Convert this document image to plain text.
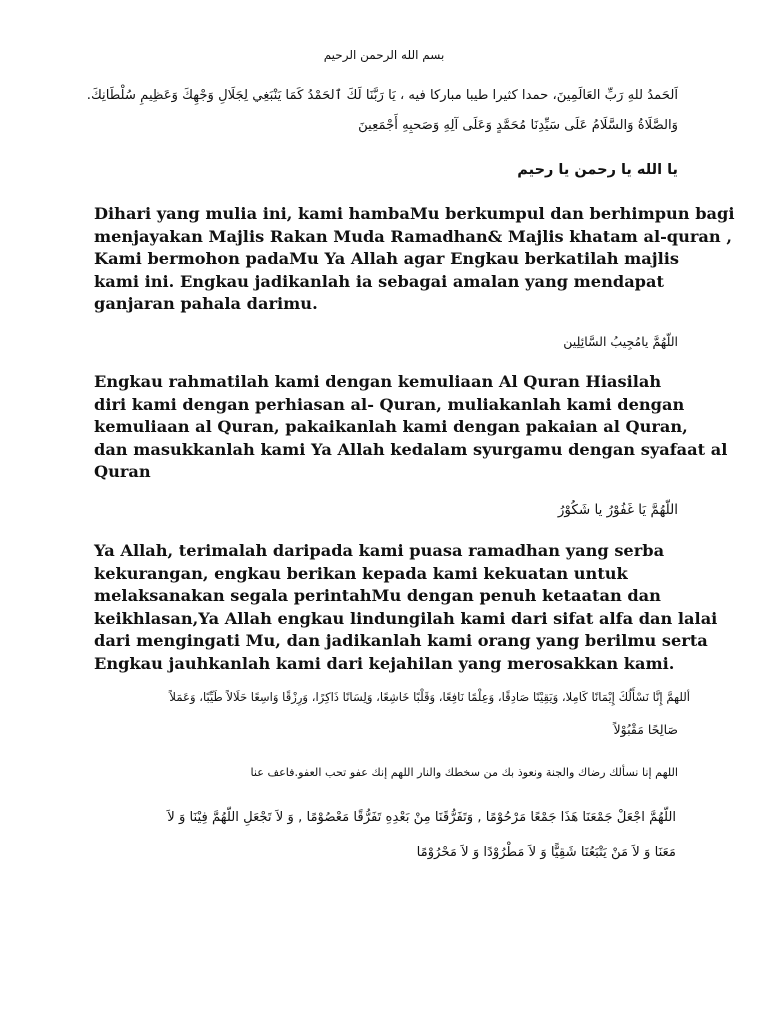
بسم الله الرحمن الرحيم
اَلحَمدُ للهِ رَبِّ العَالَمِينَ، حمدا كثيرا طيبا مباركا فيه ، يَا رَبَّنَا لَكَ ٱلحَمْدُ كَمَا يَنْبَغِي لِجَلَالِ وَجْهِكَ وَعَظِيمِ سُلْطَانِكَ.
وَالصَّلَاةُ وَالسَّلَامُ عَلَى سَيِّدِنَا مُحَمَّدٍ وَعَلَى آلِهِ وَصَحبِهِ أَجْمَعِينَ
يا الله يا رحمن يا رحيم
Dihari yang mulia ini, kami hambaMu berkumpul dan berhimpun bagi
menjayakan Majlis Rakan Muda Ramadhan& Majlis khatam al-quran ,
Kami bermohon padaMu Ya Allah agar Engkau berkatilah majlis
kami ini. Engkau jadikanlah ia sebagai amalan yang mendapat
ganjaran pahala darimu.
اللّهُمَّ يامُجِيبُ السَّائِلِين
Engkau rahmatilah kami dengan kemuliaan Al Quran Hiasilah
diri kami dengan perhiasan al- Quran, muliakanlah kami dengan
kemuliaan al Quran, pakaikanlah kami dengan pakaian al Quran,
dan masukkanlah kami Ya Allah kedalam syurgamu dengan syafaat al
Quran
اللّهُمَّ يَا غَفُوْرُ يا شَكُوْرُ
Ya Allah, terimalah daripada kami puasa ramadhan yang serba
kekurangan, engkau berikan kepada kami kekuatan untuk
melaksanakan segala perintahMu dengan penuh ketaatan dan
keikhlasan,Ya Allah engkau lindungilah kami dari sifat alfa dan lalai
dari mengingati Mu, dan jadikanlah kami orang yang berilmu serta
Engkau jauhkanlah kami dari kejahilan yang merosakkan kami.
أللهمَّ إِنَّا نَسْأَلُكَ إِيْمَانًا كَامِلا، وَيَقِيْنًا صَادِقًا، وَعِلْمًا نَافِعًا، وَقَلْبًا خَاشِعًا، وَلِسَانًا ذَاكِرًا، وَرِزْقًا وَاسِعًا حَلَالاً طَيِّبًا، وَعَمَلاً
صَالِحًا مَقْبُوْلاً
اللهم إنا نسألك رضاك والجنة ونعوذ بك من سخطك والنار اللهم إنك عفو تحب العفو.فاعف عنا
اللّهُمَّ اجْعَلْ جَمْعَنَا هَذَا جَمْعًا مَرْحُوْمًا , وَتَفَرُّقَنَا مِنْ بَعْدِهِ تَفَرُّقًا مَعْصُوْمًا , وَ لاَ تَجْعَلِ اللّهُمَّ فِيْنَا وَ لاَ
مَعَنَا وَ لاَ مَنْ يَتْبَعُنَا شَقِيًّا وَ لاَ مَطْرُوْدًا وَ لاَ مَحْرُوْمًا
